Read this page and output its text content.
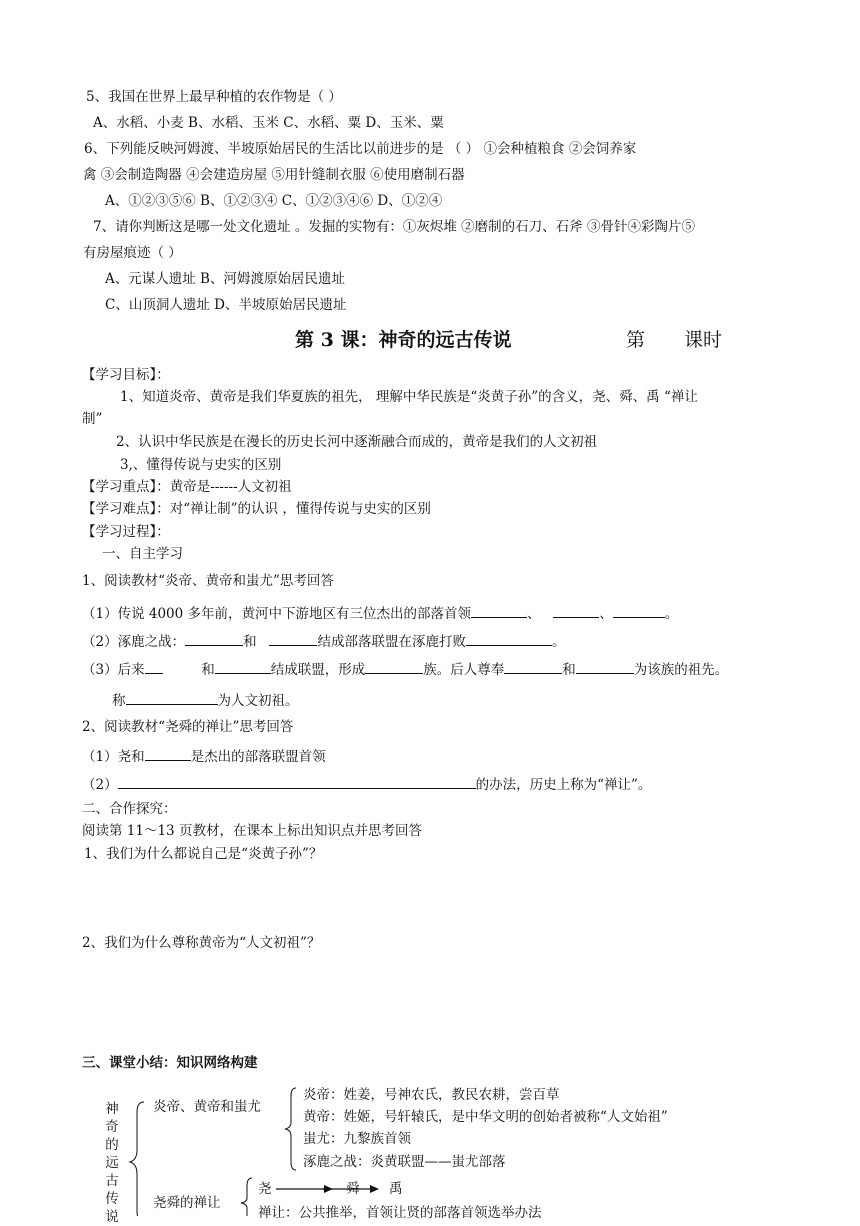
5、我国在世界上最早种植的农作物是（ ）
A、水稻、小麦 B、水稻、玉米 C、水稻、粟 D、玉米、粟
6、下列能反映河姆渡、半坡原始居民的生活比以前进步的是 （ ） ①会种植粮食 ②会饲养家
禽 ③会制造陶器 ④会建造房屋 ⑤用针缝制衣服 ⑥使用磨制石器
A、①②③⑤⑥ B、①②③④ C、①②③④⑥ D、①②④
7、请你判断这是哪一处文化遗址 。发掘的实物有：①灰烬堆 ②磨制的石刀、石斧 ③骨针④彩陶片⑤
有房屋痕迹（ ）
A、元谋人遗址 B、河姆渡原始居民遗址
C、山顶洞人遗址 D、半坡原始居民遗址
第 3 课：神奇的远古传说	第 课时
【学习目标】：
1、知道炎帝、黄帝是我们华夏族的祖先， 理解中华民族是“炎黄子孙”的含义，尧、舜、禹 “禅让
制”
2、认识中华民族是在漫长的历史长河中逐渐融合而成的，黄帝是我们的人文初祖
3,、懂得传说与史实的区别
【学习重点】：黄帝是------人文初祖
【学习难点】：对“禅让制”的认识 ，懂得传说与史实的区别
【学习过程】：
一、自主学习
1、阅读教材“炎帝、黄帝和蚩尤”思考回答
（1）传说 4000 多年前，黄河中下游地区有三位杰出的部落首领	、	、	。
（2）涿鹿之战：	和	结成部落联盟在涿鹿打败	。
（3）后来	和	结成联盟，形成	族。后人尊奉	和	为该族的祖先。
称	为人文初祖。
2、阅读教材“尧舜的禅让”思考回答
（1）尧和	是杰出的部落联盟首领
（2）	的办法，历史上称为“禅让”。
二、合作探究：
阅读第 11～13 页教材，在课本上标出知识点并思考回答
1、我们为什么都说自己是“炎黄子孙”？
2、我们为什么尊称黄帝为“人文初祖”？
三、课堂小结：知识网络构建
神
奇
的
远
古
传
说
炎帝、黄帝和蚩尤
炎帝：姓姜，号神农氏，教民农耕，尝百草
黄帝：姓姬，号轩辕氏，是中华文明的创始者被称“人文始祖”
蚩尤：九黎族首领
涿鹿之战：炎黄联盟——蚩尤部落
尧舜的禅让
尧	舜 禹
禅让：公共推举，首领让贤的部落首领选举办法
